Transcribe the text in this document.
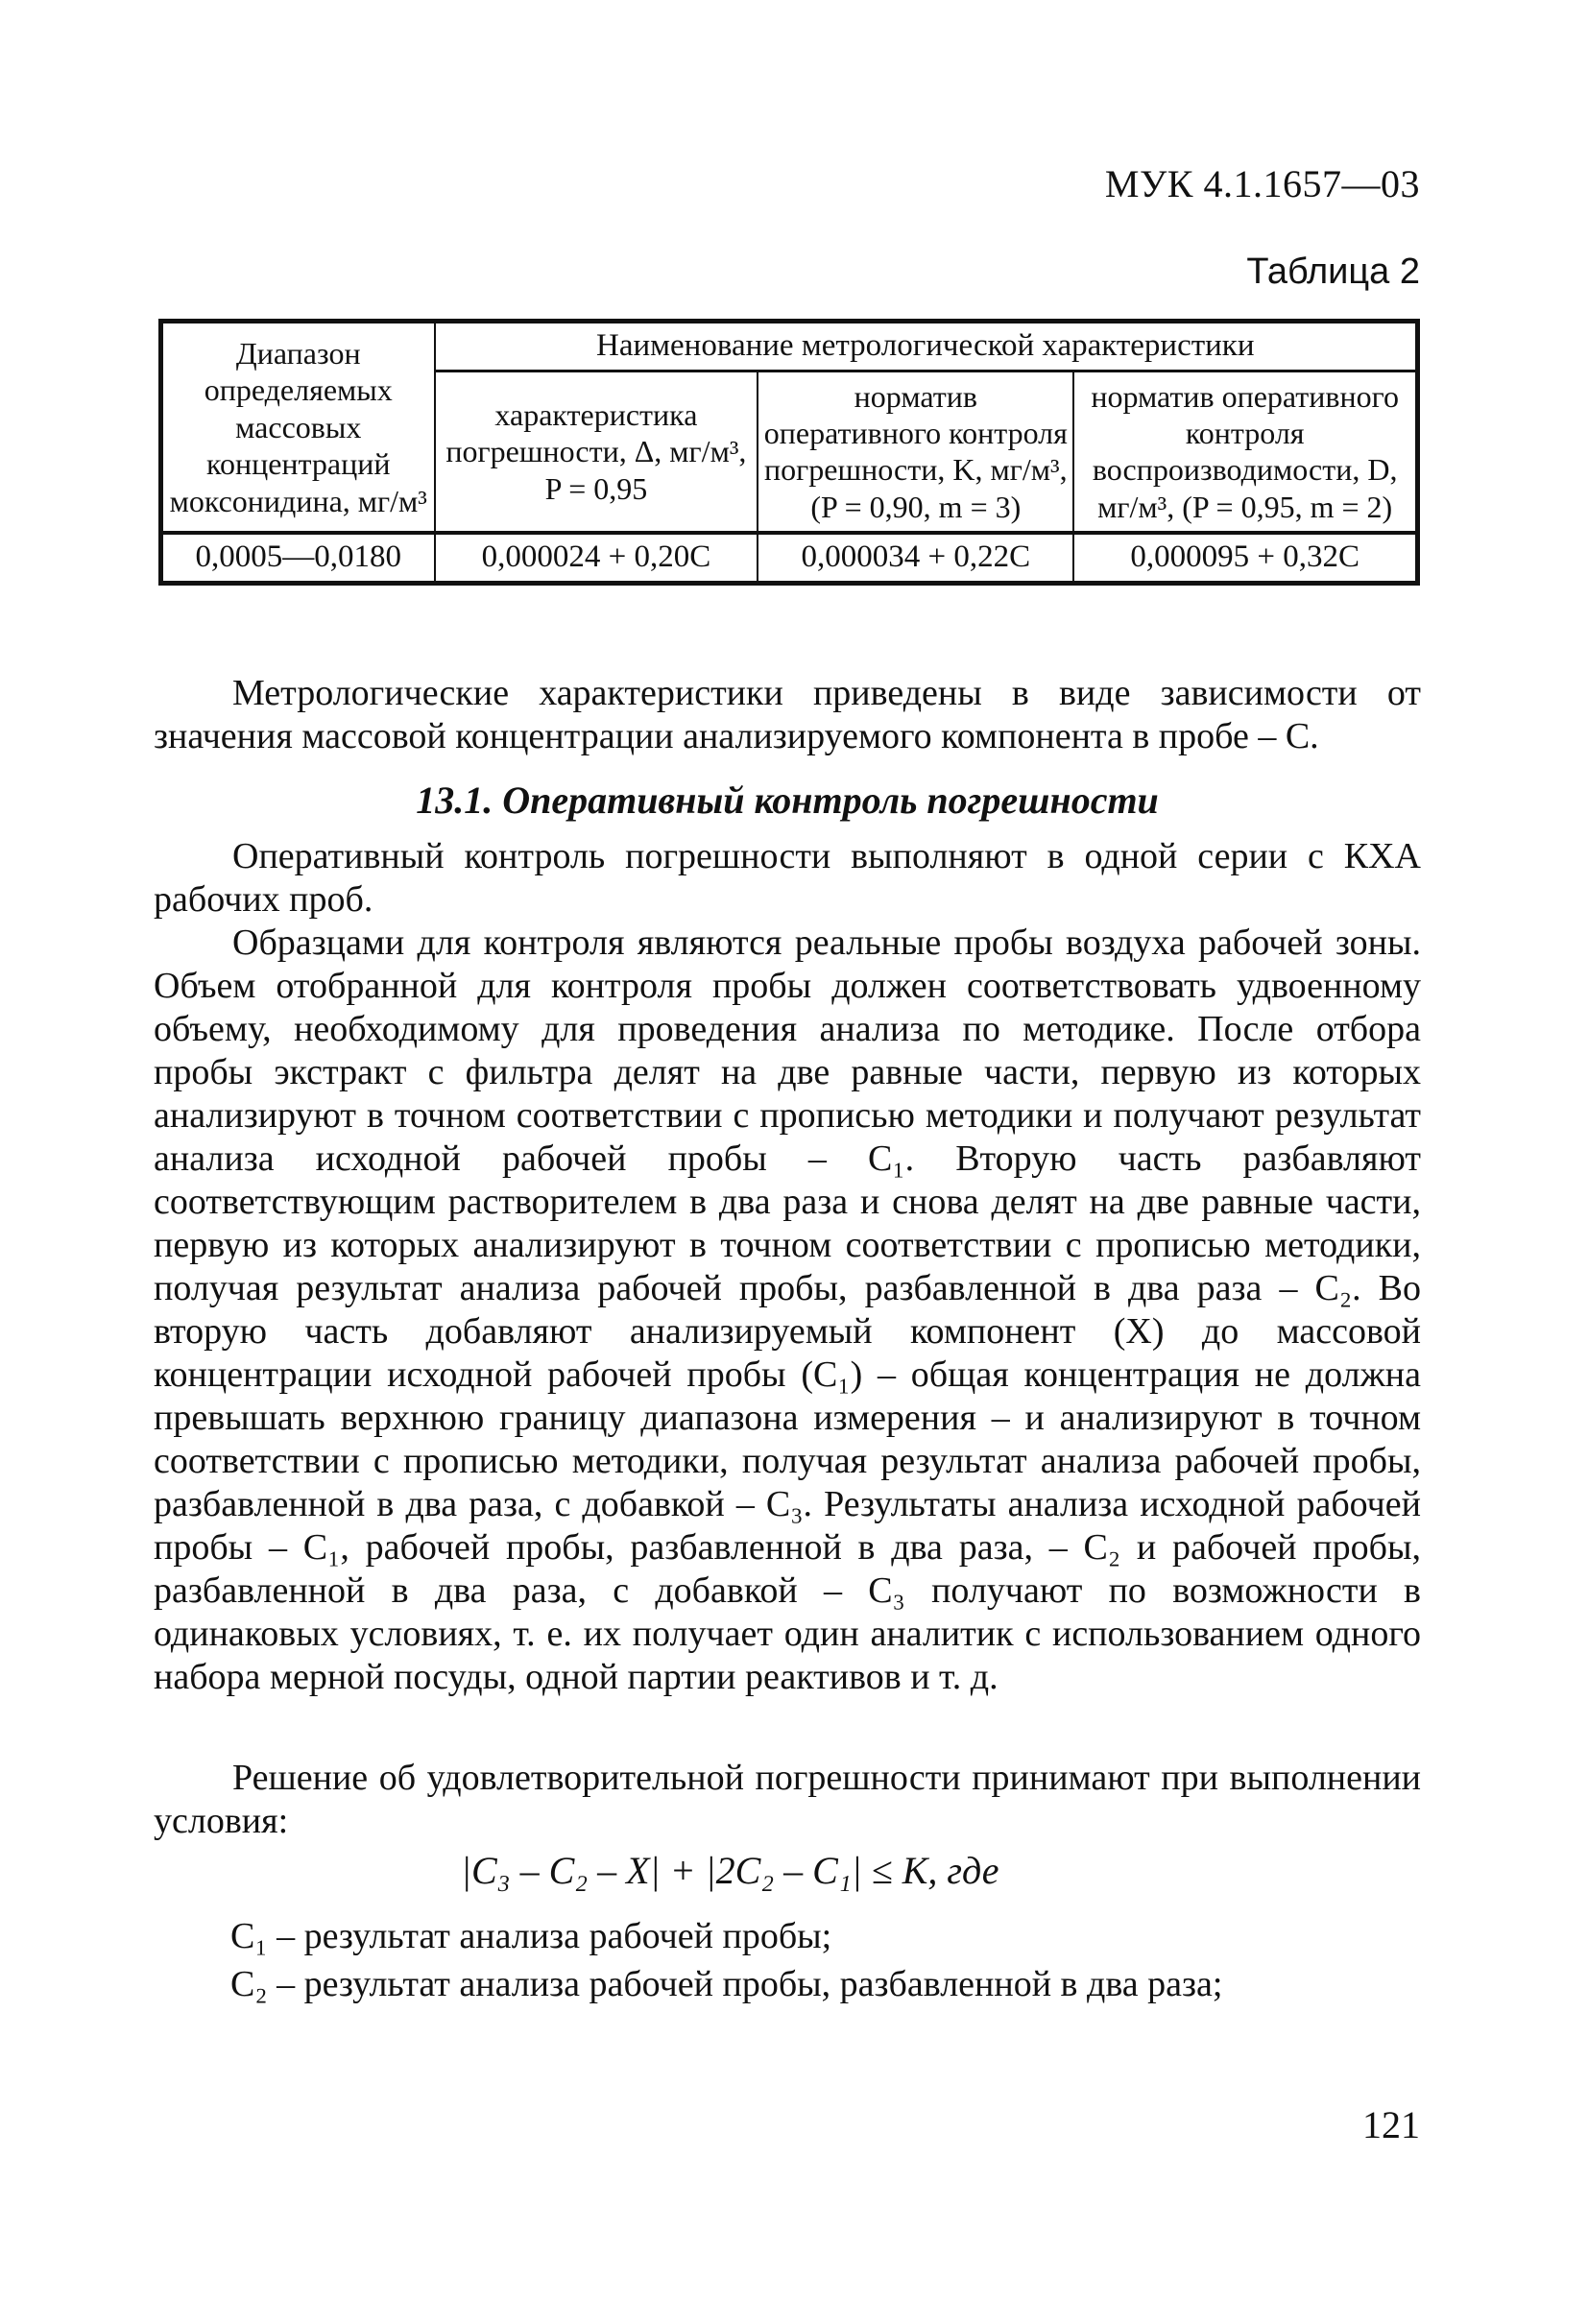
МУК 4.1.1657—03
Таблица 2
Диапазон определяемых массовых концентраций моксонидина, мг/м³	Наименование метрологической характеристики		
	характеристика погрешности, Δ, мг/м³, P = 0,95	норматив оперативного контроля погрешности, K, мг/м³, (P = 0,90, m = 3)	норматив оперативного контроля воспроизводимости, D, мг/м³, (P = 0,95, m = 2)
0,0005—0,0180	0,000024 + 0,20C	0,000034 + 0,22C	0,000095 + 0,32C
Метрологические характеристики приведены в виде зависимости от значения массовой концентрации анализируемого компонента в пробе – C.
13.1. Оперативный контроль погрешности
Оперативный контроль погрешности выполняют в одной серии с КХА рабочих проб.
Образцами для контроля являются реальные пробы воздуха рабочей зоны. Объем отобранной для контроля пробы должен соответствовать удвоенному объему, необходимому для проведения анализа по методике. После отбора пробы экстракт с фильтра делят на две равные части, первую из которых анализируют в точном соответствии с прописью методики и получают результат анализа исходной рабочей пробы – C₁. Вторую часть разбавляют соответствующим растворителем в два раза и снова делят на две равные части, первую из которых анализируют в точном соответствии с прописью методики, получая результат анализа рабочей пробы, разбавленной в два раза – C₂. Во вторую часть добавляют анализируемый компонент (X) до массовой концентрации исходной рабочей пробы (C₁) – общая концентрация не должна превышать верхнюю границу диапазона измерения – и анализируют в точном соответствии с прописью методики, получая результат анализа рабочей пробы, разбавленной в два раза, с добавкой – C₃. Результаты анализа исходной рабочей пробы – C₁, рабочей пробы, разбавленной в два раза, – C₂ и рабочей пробы, разбавленной в два раза, с добавкой – C₃ получают по возможности в одинаковых условиях, т. е. их получает один аналитик с использованием одного набора мерной посуды, одной партии реактивов и т. д.
Решение об удовлетворительной погрешности принимают при выполнении условия:
|C₃ – C₂ – X| + |2C₂ – C₁| ≤ K, где
C₁ – результат анализа рабочей пробы;
C₂ – результат анализа рабочей пробы, разбавленной в два раза;
121
